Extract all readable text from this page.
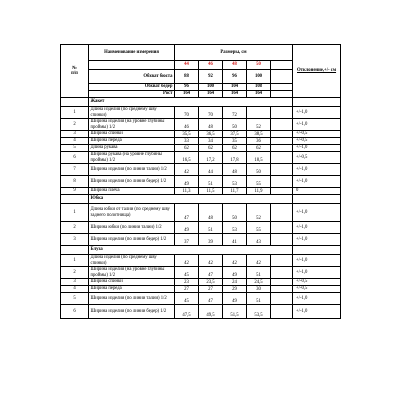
№
п/п	Наименование измерения	Размеры, см					Отклонение,+/- см
		44	46	48	50		
	Обхват бюста	88	92	96	100		
	Обхват бедер	96	100	104	108		
	Рост	164	164	164	164		
	Жакет						
1	Длина изделия (по среднему шву спинки)	70	70	72			+/-1,0
2	Ширина изделия (на уровне глубины проймы) 1/2	46	48	50	52		+/-1,0
3	Ширина спинки	35,5	36,5	37,5	38,5		+/-0,5
4	Ширина переда	33	34	35	36		+/-0,5
5	Длина рукава	62	62	62	62		+/-1,0
6	Ширина рукава (на уровне глубины проймы) 1/2	16,5	17,2	17,8	18,5		+/-0,5
7	Ширина изделия (по линии талии) 1/2	42	44	48	50		+/-1,0
8	Ширина изделия (по линии бедер) 1/2	49	51	53	55		+/-1,0
9	Ширина плеча	11,3	11,5	11,7	11,9		0
	Юбка						
1	Длина юбки от талии (по среднему шву заднего полотнища)	47	48	50	52		+/-1,0
2	Ширина юбки (по линии талии) 1/2	49	51	53	55		+/-1,0
3	Ширина изделия (по линии бедер) 1/2	37	39	41	43		+/-1,0
	Блуза						
1	Длина изделия (по среднему шву спинки)	42	42	42	42		+/-1,0
2	Ширина изделия (на уровне глубины проймы) 1/2	45	47	49	51		+/-1,0
3	Ширина спинки	23	23,5	24	24,5		+/-0,5
4	Ширина переда	27	27	29	30		+/-0,5
5	Ширина изделия (по линии талии) 1/2	45	47	49	51		+/-1,0
6	Ширина изделия (по линии бедер) 1/2	47,5	49,5	51,5	53,5		+/-1,0
